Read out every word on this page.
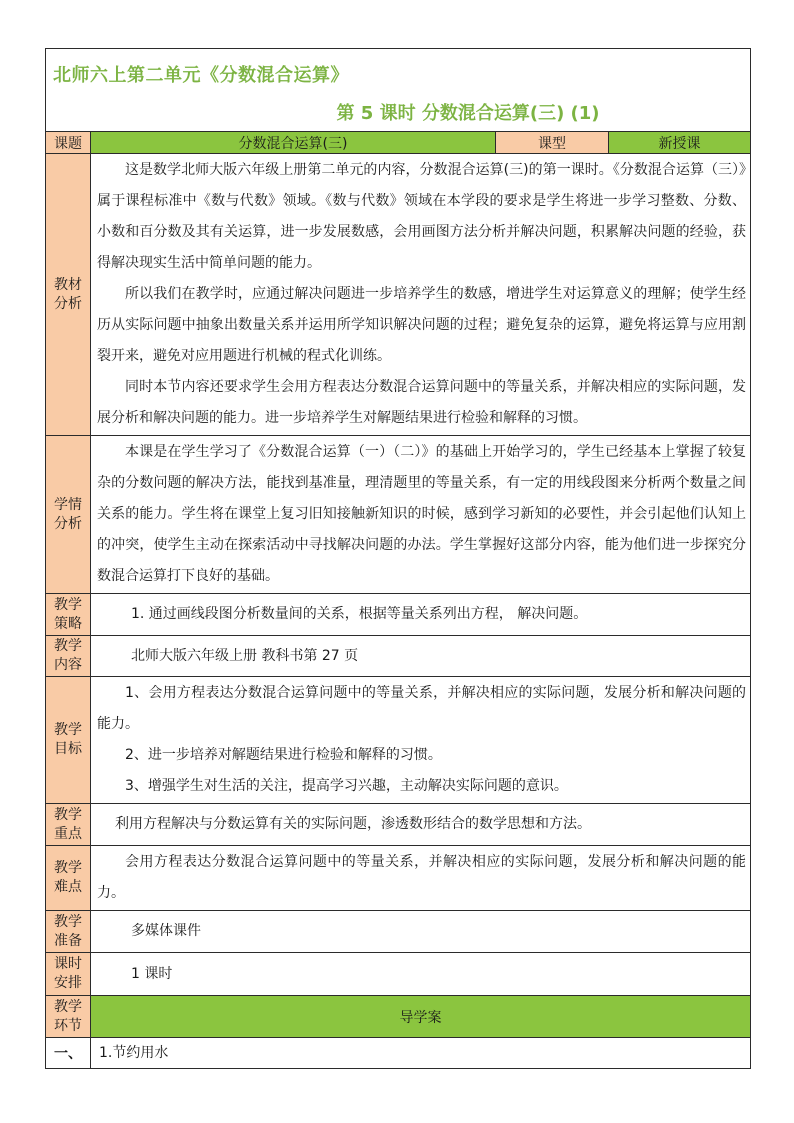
北师六上第二单元《分数混合运算》
第 5 课时 分数混合运算(三) (1)			

课题	分数混合运算(三)	课型	新授课

教材分析	这是数学北师大版六年级上册第二单元的内容，分数混合运算(三)的第一课时。《分数混合运算（三）》属于课程标准中《数与代数》领域。《数与代数》领域在本学段的要求是学生将进一步学习整数、分数、小数和百分数及其有关运算，进一步发展数感，会用画图方法分析并解决问题，积累解决问题的经验，获得解决现实生活中简单问题的能力。

所以我们在教学时，应通过解决问题进一步培养学生的数感，增进学生对运算意义的理解；使学生经历从实际问题中抽象出数量关系并运用所学知识解决问题的过程；避免复杂的运算，避免将运算与应用割裂开来，避免对应用题进行机械的程式化训练。

同时本节内容还要求学生会用方程表达分数混合运算问题中的等量关系，并解决相应的实际问题，发展分析和解决问题的能力。进一步培养学生对解题结果进行检验和解释的习惯。		

学情分析	本课是在学生学习了《分数混合运算（一）（二）》的基础上开始学习的，学生已经基本上掌握了较复杂的分数问题的解决方法，能找到基准量，理清题里的等量关系，有一定的用线段图来分析两个数量之间关系的能力。学生将在课堂上复习旧知接触新知识的时候，感到学习新知的必要性，并会引起他们认知上的冲突，使学生主动在探索活动中寻找解决问题的办法。学生掌握好这部分内容，能为他们进一步探究分数混合运算打下良好的基础。		

教学策略	1. 通过画线段图分析数量间的关系，根据等量关系列出方程， 解决问题。		

教学内容	北师大版六年级上册 教科书第 27 页		

教学目标	1、会用方程表达分数混合运算问题中的等量关系，并解决相应的实际问题，发展分析和解决问题的能力。

2、进一步培养对解题结果进行检验和解释的习惯。

3、增强学生对生活的关注，提高学习兴趣，主动解决实际问题的意识。		

教学重点	利用方程解决与分数运算有关的实际问题，渗透数形结合的数学思想和方法。		

教学难点	会用方程表达分数混合运算问题中的等量关系，并解决相应的实际问题，发展分析和解决问题的能力。		

教学准备	多媒体课件		

课时安排	1 课时		

教学环节	导学案		
一、	1.节约用水		
